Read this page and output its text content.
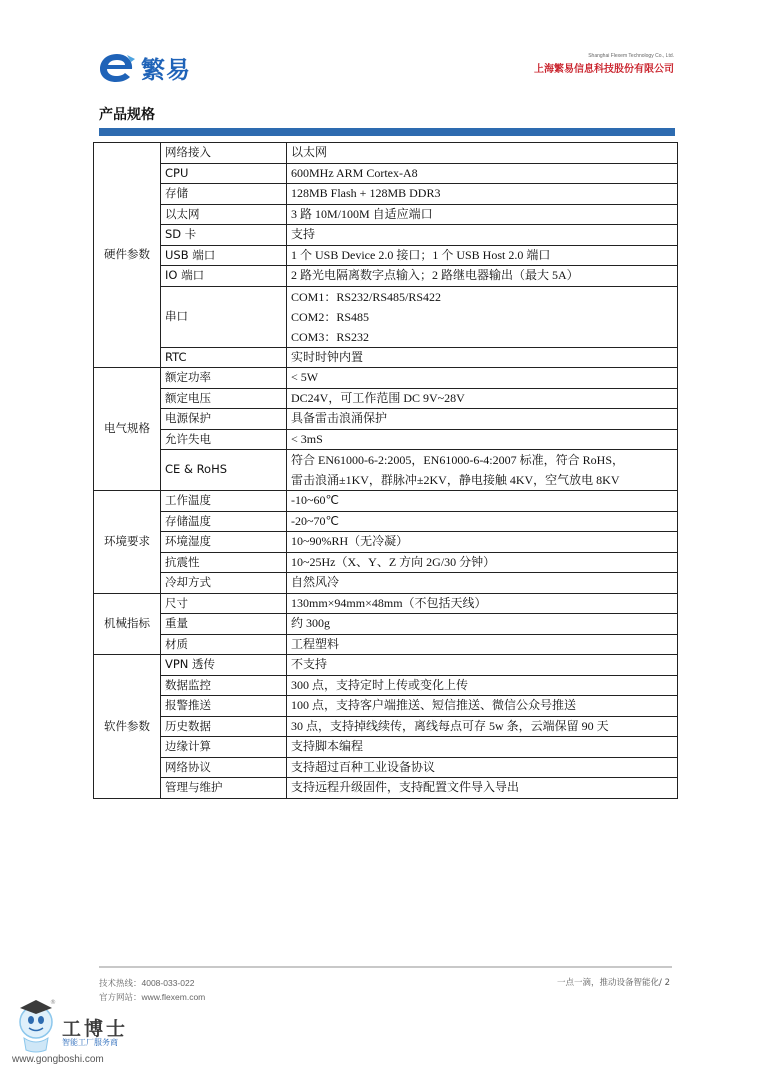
繁易	Shanghai Flexem Technology Co., Ltd.
上海繁易信息科技股份有限公司
产品规格
硬件参数	网络接入	以太网

	CPU	600MHz ARM Cortex-A8

	存储	128MB Flash + 128MB DDR3

	以太网	3 路 10M/100M 自适应端口

	SD 卡	支持

	USB 端口	1 个 USB Device 2.0 接口；1 个 USB Host 2.0 端口

	IO 端口	2 路光电隔离数字点输入；2 路继电器输出（最大 5A）

	串口	COM1：RS232/RS485/RS422
COM2：RS485
COM3：RS232

	RTC	实时时钟内置

电气规格	额定功率	< 5W

	额定电压	DC24V，可工作范围 DC 9V~28V

	电源保护	具备雷击浪涌保护

	允许失电	< 3mS

	CE & RoHS	符合 EN61000-6-2:2005，EN61000-6-4:2007 标准，符合 RoHS，
雷击浪涌±1KV，群脉冲±2KV，静电接触 4KV，空气放电 8KV

环境要求	工作温度	-10~60℃

	存储温度	-20~70℃

	环境湿度	10~90%RH（无冷凝）

	抗震性	10~25Hz（X、Y、Z 方向 2G/30 分钟）

	冷却方式	自然风冷

机械指标	尺寸	130mm×94mm×48mm（不包括天线）

	重量	约 300g

	材质	工程塑料

软件参数	VPN 透传	不支持

	数据监控	300 点，支持定时上传或变化上传

	报警推送	100 点，支持客户端推送、短信推送、微信公众号推送

	历史数据	30 点，支持掉线续传，离线每点可存 5w 条，云端保留 90 天

	边缘计算	支持脚本编程

	网络协议	支持超过百种工业设备协议

	管理与维护	支持远程升级固件，支持配置文件导入导出
技术热线：4008-033-022
官方网站：www.flexem.com
一点一滴，推动设备智能化/ 2
®
工博士
智能工厂服务商
www.gongboshi.com
